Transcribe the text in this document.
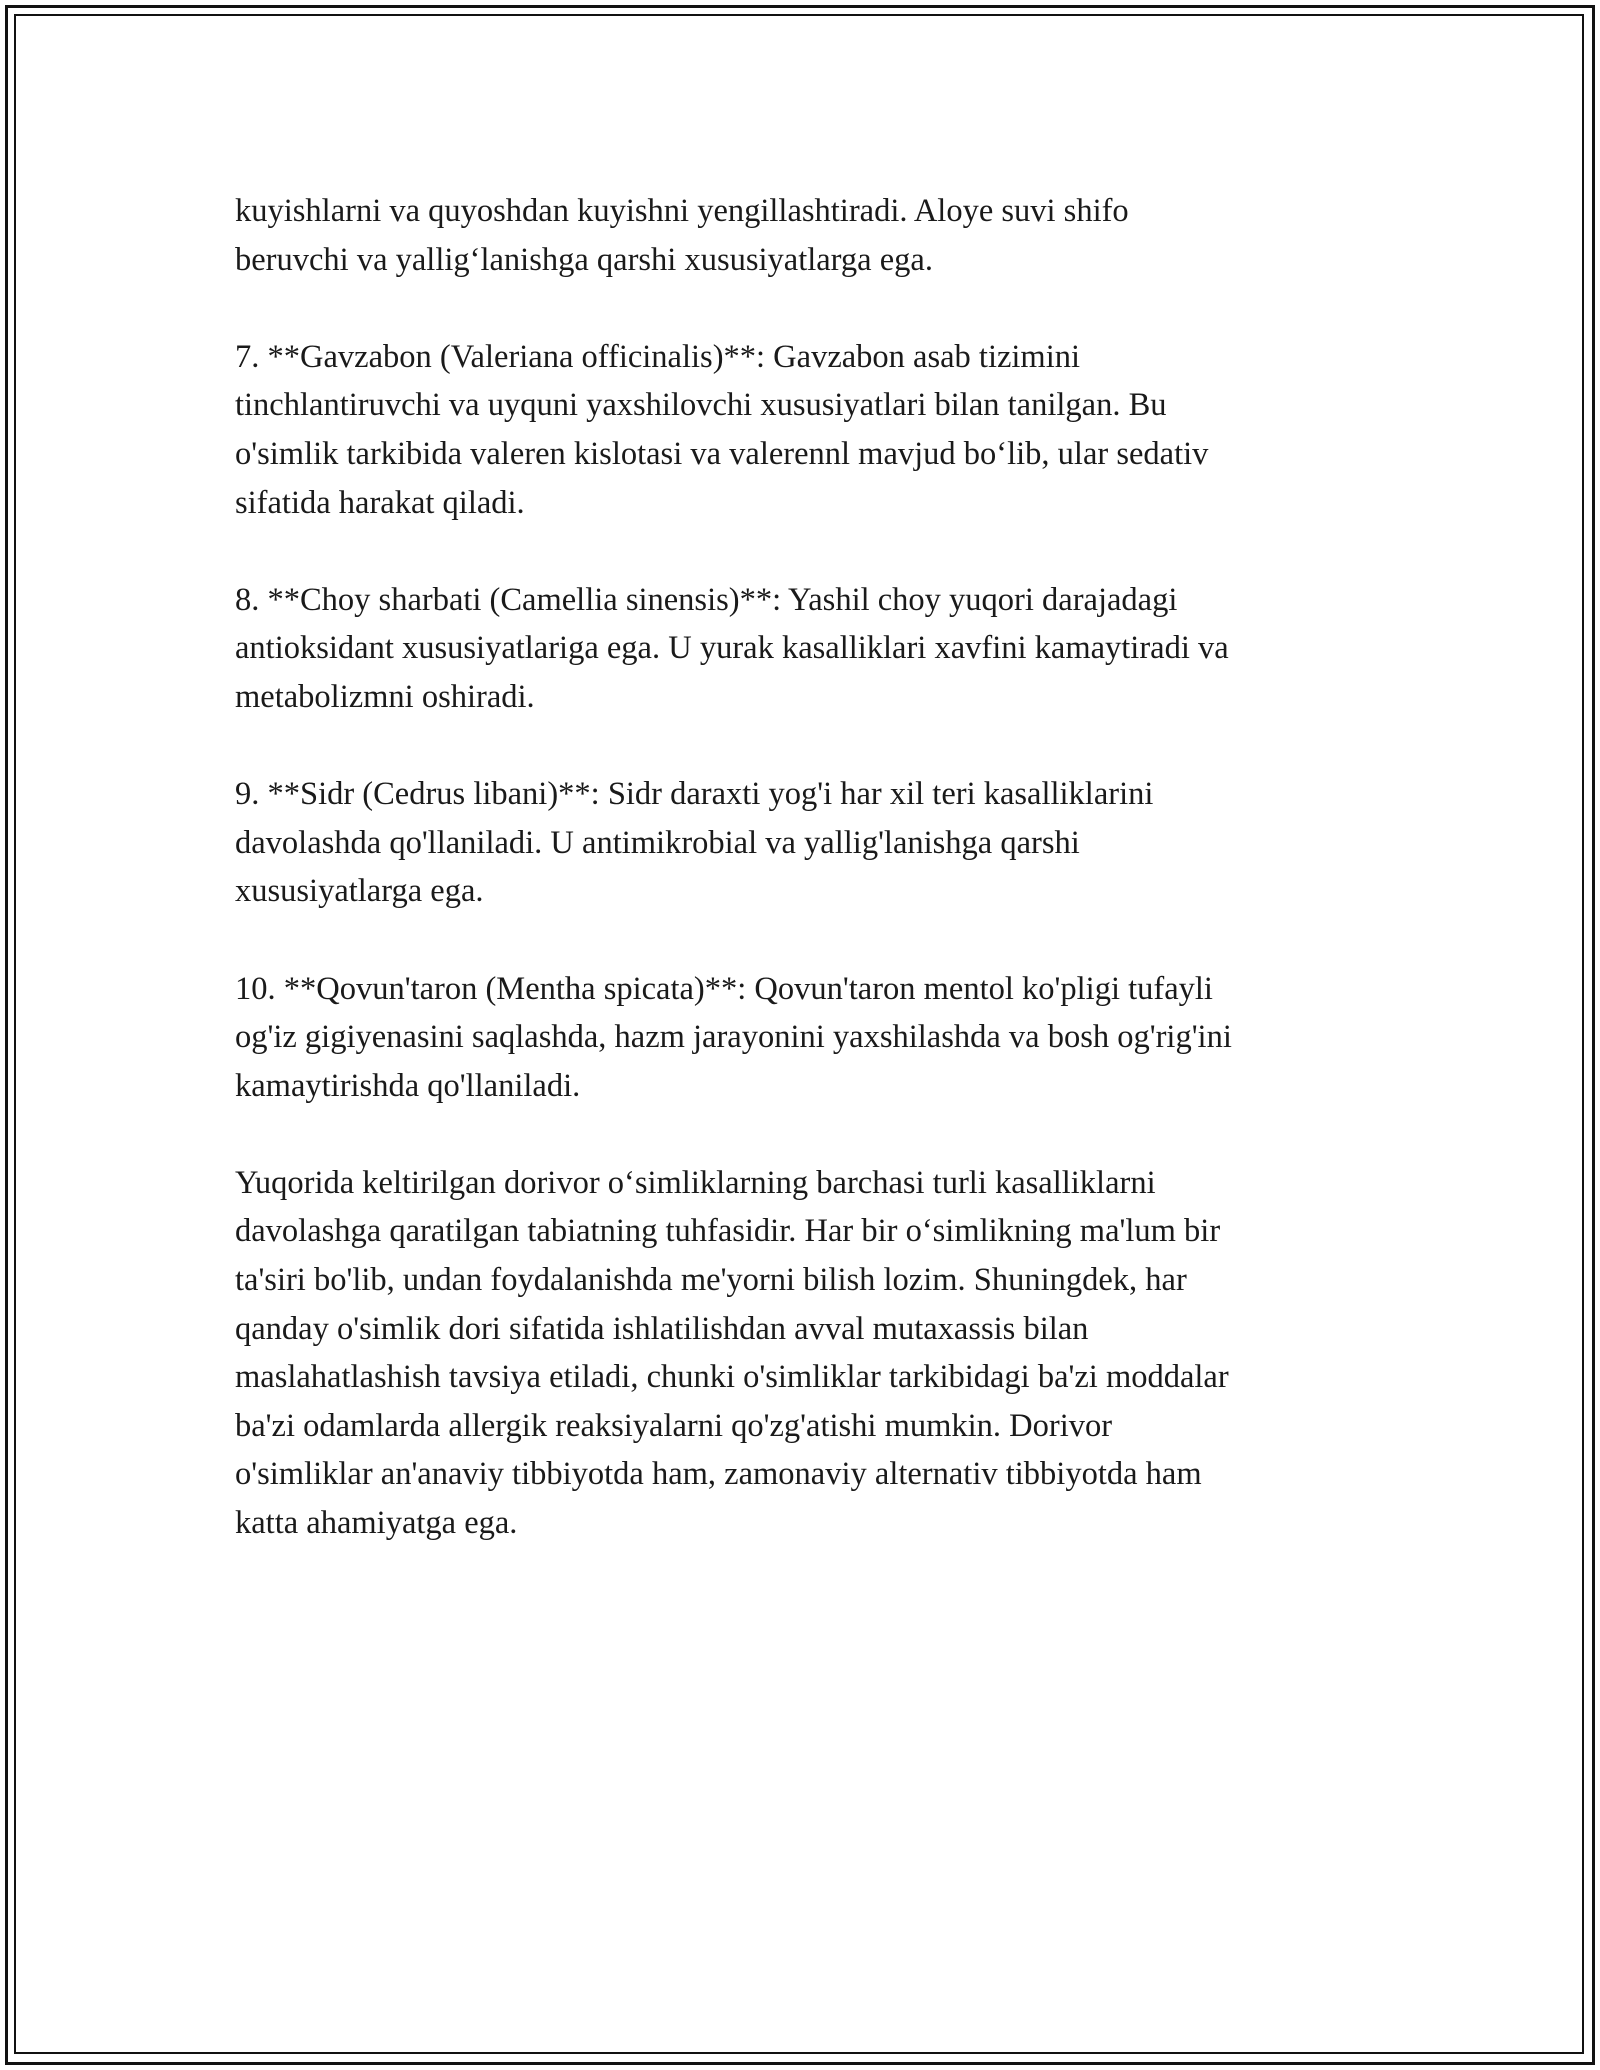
kuyishlarni va quyoshdan kuyishni yengillashtiradi. Aloye suvi shifo
beruvchi va yallig‘lanishga qarshi xususiyatlarga ega.

7. **Gavzabon (Valeriana officinalis)**: Gavzabon asab tizimini
tinchlantiruvchi va uyquni yaxshilovchi xususiyatlari bilan tanilgan. Bu
o'simlik tarkibida valeren kislotasi va valerennl mavjud bo‘lib, ular sedativ
sifatida harakat qiladi.

8. **Choy sharbati (Camellia sinensis)**: Yashil choy yuqori darajadagi
antioksidant xususiyatlariga ega. U yurak kasalliklari xavfini kamaytiradi va
metabolizmni oshiradi.

9. **Sidr (Cedrus libani)**: Sidr daraxti yog'i har xil teri kasalliklarini
davolashda qo'llaniladi. U antimikrobial va yallig'lanishga qarshi
xususiyatlarga ega.

10. **Qovun'taron (Mentha spicata)**: Qovun'taron mentol ko'pligi tufayli
og'iz gigiyenasini saqlashda, hazm jarayonini yaxshilashda va bosh og'rig'ini
kamaytirishda qo'llaniladi.

Yuqorida keltirilgan dorivor o‘simliklarning barchasi turli kasalliklarni
davolashga qaratilgan tabiatning tuhfasidir. Har bir o‘simlikning ma'lum bir
ta'siri bo'lib, undan foydalanishda me'yorni bilish lozim. Shuningdek, har
qanday o'simlik dori sifatida ishlatilishdan avval mutaxassis bilan
maslahatlashish tavsiya etiladi, chunki o'simliklar tarkibidagi ba'zi moddalar
ba'zi odamlarda allergik reaksiyalarni qo'zg'atishi mumkin. Dorivor
o'simliklar an'anaviy tibbiyotda ham, zamonaviy alternativ tibbiyotda ham
katta ahamiyatga ega.
